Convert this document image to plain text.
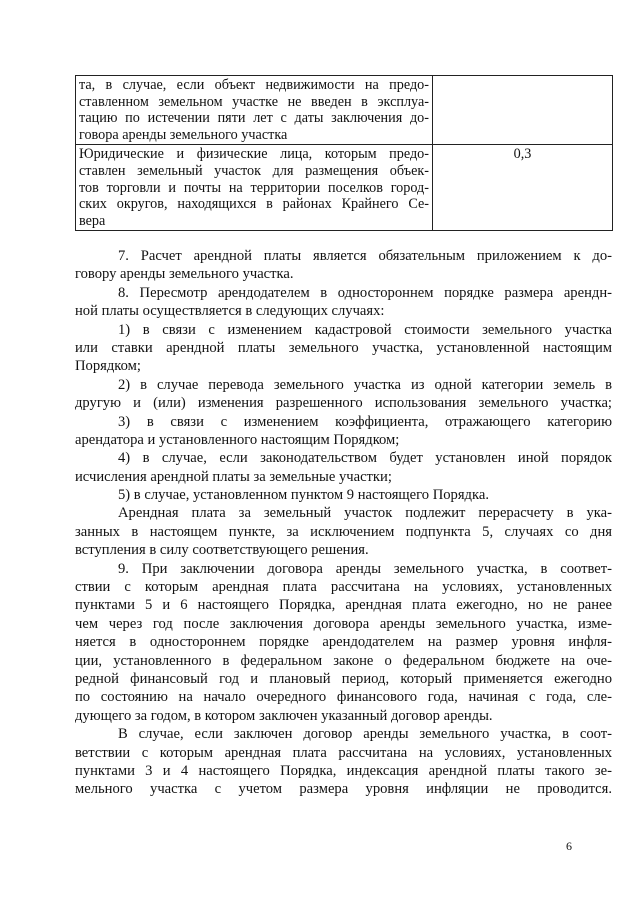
та, в случае, если объект недвижимости на предо-
ставленном земельном участке не введен в эксплуа-
тацию по истечении пяти лет с даты заключения до-
говора аренды земельного участка	

Юридические и физические лица, которым предо-
ставлен земельный участок для размещения объек-
тов торговли и почты на территории поселков город-
ских округов, находящихся в районах Крайнего Се-
вера	0,3
7. Расчет арендной платы является обязательным приложением к до-
говору аренды земельного участка.
8. Пересмотр арендодателем в одностороннем порядке размера арендн-
ной платы осуществляется в следующих случаях:
1) в связи с изменением кадастровой стоимости земельного участка
или ставки арендной платы земельного участка, установленной настоящим
Порядком;
2) в случае перевода земельного участка из одной категории земель в
другую и (или) изменения разрешенного использования земельного участка;
3) в связи с изменением коэффициента, отражающего категорию
арендатора и установленного настоящим Порядком;
4) в случае, если законодательством будет установлен иной порядок
исчисления арендной платы за земельные участки;
5) в случае, установленном пунктом 9 настоящего Порядка.
Арендная плата за земельный участок подлежит перерасчету в ука-
занных в настоящем пункте, за исключением подпункта 5, случаях со дня
вступления в силу соответствующего решения.
9. При заключении договора аренды земельного участка, в соответ-
ствии с которым арендная плата рассчитана на условиях, установленных
пунктами 5 и 6 настоящего Порядка, арендная плата ежегодно, но не ранее
чем через год после заключения договора аренды земельного участка, изме-
няется в одностороннем порядке арендодателем на размер уровня инфля-
ции, установленного в федеральном законе о федеральном бюджете на оче-
редной финансовый год и плановый период, который применяется ежегодно
по состоянию на начало очередного финансового года, начиная с года, сле-
дующего за годом, в котором заключен указанный договор аренды.
В случае, если заключен договор аренды земельного участка, в соот-
ветствии с которым арендная плата рассчитана на условиях, установленных
пунктами 3 и 4 настоящего Порядка, индексация арендной платы такого зе-
мельного участка с учетом размера уровня инфляции не проводится.
6
